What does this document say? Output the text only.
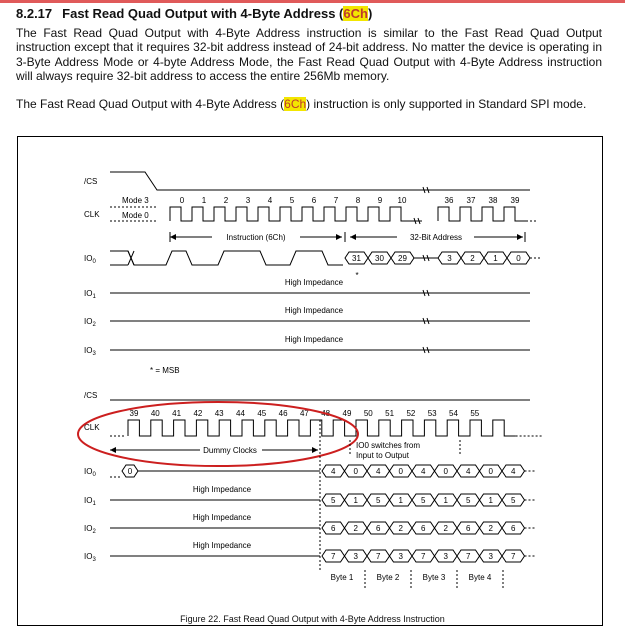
8.2.17 Fast Read Quad Output with 4-Byte Address (6Ch)
The Fast Read Quad Output with 4-Byte Address instruction is similar to the Fast Read Quad Output instruction except that it requires 32-bit address instead of 24-bit address. No matter the device is operating in 3-Byte Address Mode or 4-byte Address Mode, the Fast Read Quad Output with 4-Byte Address instruction will always require 32-bit address to access the entire 256Mb memory.
The Fast Read Quad Output with 4-Byte Address (6Ch) instruction is only supported in Standard SPI mode.
/CS
CLK
$IO_0$
$IO_1$
$IO_2$
$IO_3$
Mode 3
Mode 0
0 1 2 3 4 5 6 7 8 9 10	36 37 38 39
Instruction (6Ch)	32-Bit Address
31 30 29	3 2 1 0
*
High Impedance
High Impedance
High Impedance
* = MSB
/CS
CLK
$IO_0$
$IO_1$
$IO_2$
$IO_3$
39 40 41 42 43 44 45 46 47 48 49 50 51 52 53 54 55
Dummy Clocks
IO0 switches from
Input to Output
0	4 0 4 0 4 0 4 0 4
High Impedance
5 1 5 1 5 1 5 1 5
High Impedance
6 2 6 2 6 2 6 2 6
High Impedance
7 3 7 3 7 3 7 3 7
Byte 1	Byte 2	Byte 3	Byte 4
Figure 22. Fast Read Quad Output with 4-Byte Address Instruction
